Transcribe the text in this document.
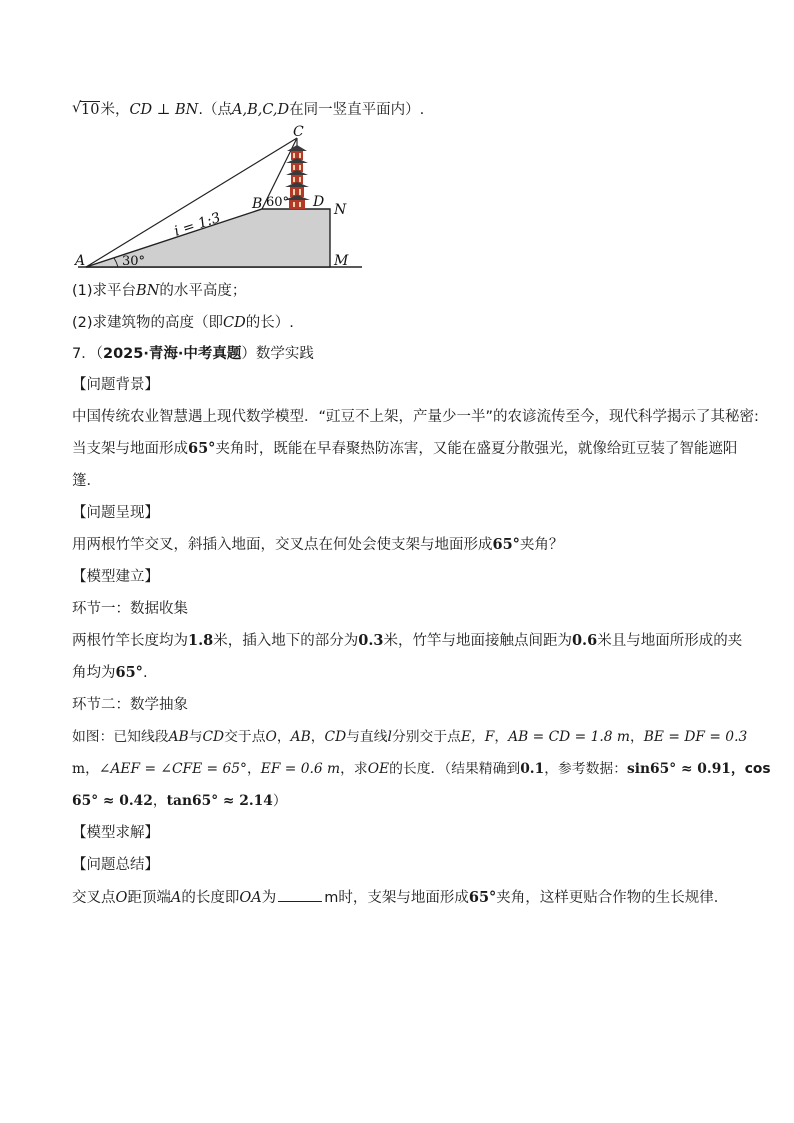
√ 10米，CD ⊥ BN.（点A,B,C,D在同一竖直平面内）.
C
B 60° D N
A	30°	M
i = 1:3
(1)求平台BN的水平高度；
(2)求建筑物的高度（即CD的长）.
7．（2025·青海·中考真题）数学实践
【问题背景】
中国传统农业智慧遇上现代数学模型．“豇豆不上架，产量少一半”的农谚流传至今，现代科学揭示了其秘密:
当支架与地面形成65°夹角时，既能在早春聚热防冻害，又能在盛夏分散强光，就像给豇豆装了智能遮阳
篷．
【问题呈现】
用两根竹竿交叉，斜插入地面，交叉点在何处会使支架与地面形成65°夹角？
【模型建立】
环节一：数据收集
两根竹竿长度均为1.8米，插入地下的部分为0.3米，竹竿与地面接触点间距为0.6米且与地面所形成的夹
角均为65°.
环节二：数学抽象
如图：已知线段AB与CD交于点O，AB，CD与直线l分别交于点E，F，AB = CD = 1.8 m，BE = DF = 0.3
m，∠AEF = ∠CFE = 65°，EF = 0.6 m，求OE的长度．（结果精确到0.1，参考数据：sin65° ≈ 0.91，cos
65° ≈ 0.42，tan65° ≈ 2.14）
【模型求解】
【问题总结】
交叉点O距顶端A的长度即OA为	m时，支架与地面形成65°夹角，这样更贴合作物的生长规律．
